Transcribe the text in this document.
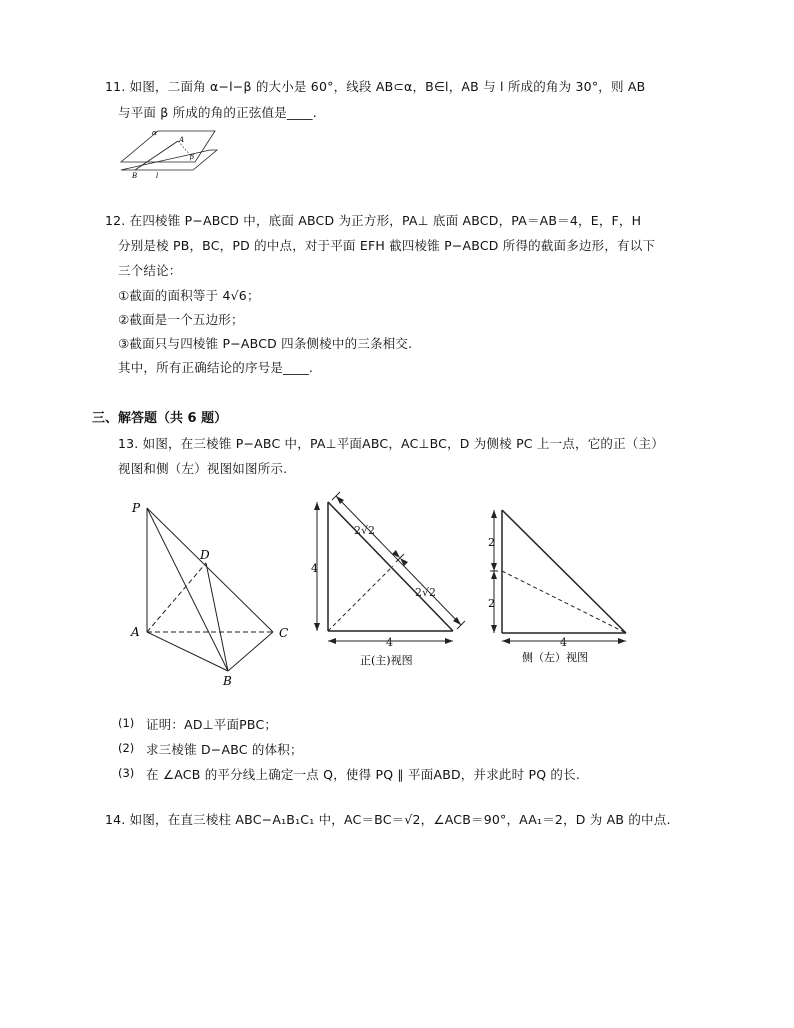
11. 如图，二面角 α−l−β 的大小是 60°，线段 AB⊂α，B∈l，AB 与 l 所成的角为 30°，则 AB
与平面 β 所成的角的正弦值是____.
α
A
β
B	l
12. 在四棱锥 P−ABCD 中，底面 ABCD 为正方形，PA⊥ 底面 ABCD，PA＝AB＝4，E，F，H
分别是棱 PB，BC，PD 的中点，对于平面 EFH 截四棱锥 P−ABCD 所得的截面多边形，有以下
三个结论：
①截面的面积等于 4√6；
②截面是一个五边形；
③截面只与四棱锥 P−ABCD 四条侧棱中的三条相交.
其中，所有正确结论的序号是____.
三、解答题（共 6 题）
13. 如图，在三棱锥 P−ABC 中，PA⊥平面ABC，AC⊥BC，D 为侧棱 PC 上一点，它的正（主）
视图和侧（左）视图如图所示.
P
D
A	C
B
4
4
2√2
2√2
正(主)视图
2
2
4
侧（左）视图
(1) 证明：AD⊥平面PBC；
(2) 求三棱锥 D−ABC 的体积；
(3) 在 ∠ACB 的平分线上确定一点 Q，使得 PQ ∥ 平面ABD，并求此时 PQ 的长.
14. 如图，在直三棱柱 ABC−A₁B₁C₁ 中，AC＝BC＝√2，∠ACB＝90°，AA₁＝2，D 为 AB 的中点.
